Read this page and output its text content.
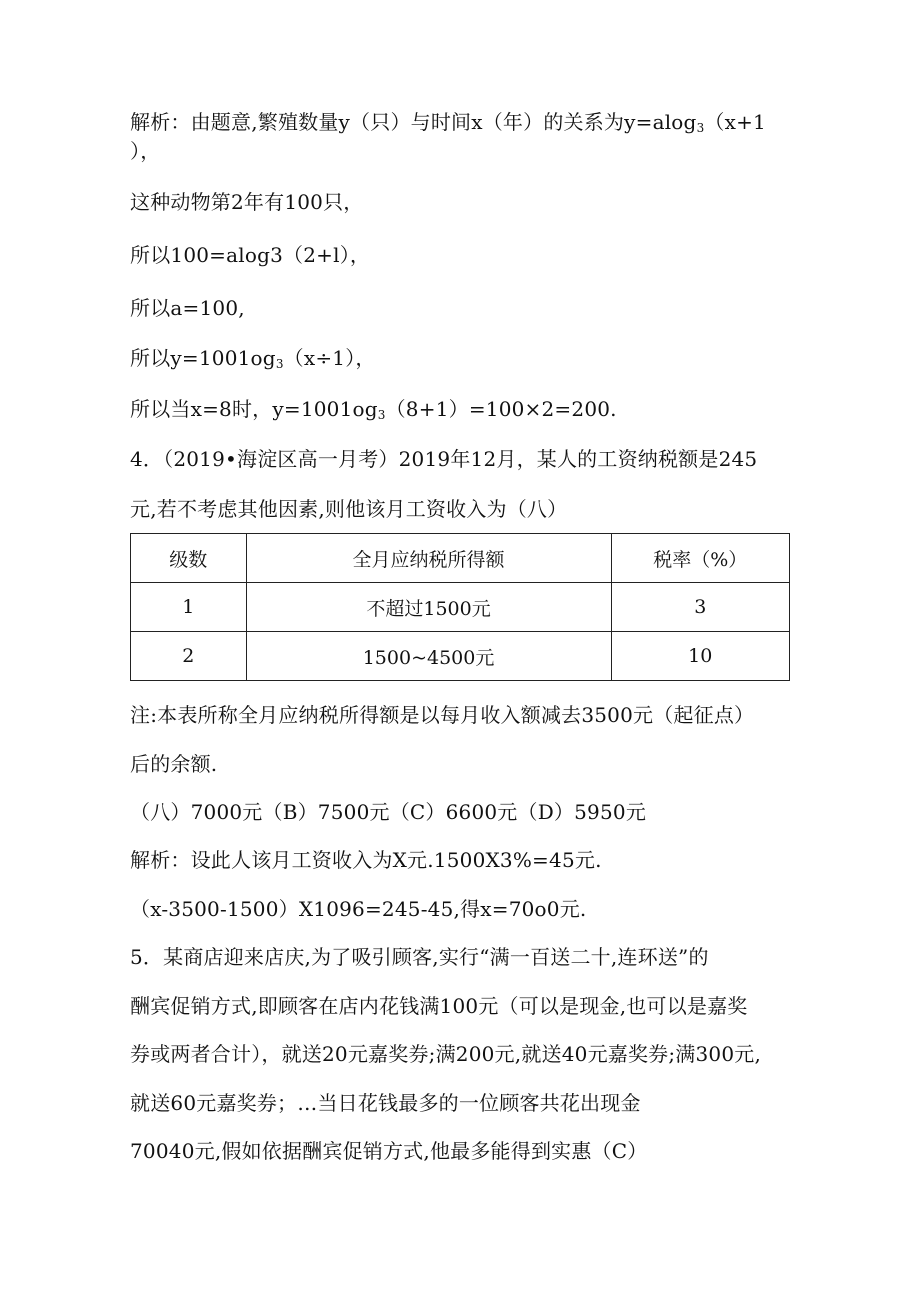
解析：由题意,繁殖数量y（只）与时间x（年）的关系为y=alog$_3$（x+1
），
这种动物第2年有100只，
所以100=alog3（2+l），
所以a=100,
所以$y=1001og_3(x\div 1)$，
所以当x=8时，$y=1001og_3(8+1)=100\times 2=200$.
4．（2019•海淀区高一月考）2019年12月，某人的工资纳税额是245
元,若不考虑其他因素,则他该月工资收入为（八）
级数	全月应纳税所得额	税率（%）
1	不超过1500元	3
2	1500~4500元	10
注:本表所称全月应纳税所得额是以每月收入额减去3500元（起征点）
后的余额.
（八）7000元（B）7500元（C）6600元（D）5950元
解析：设此人该月工资收入为X元.1500X3%=45元.
（x-3500-1500）X1096=245-45,得x=70o0元.
5．某商店迎来店庆,为了吸引顾客,实行“满一百送二十,连环送”的
酬宾促销方式,即顾客在店内花钱满100元（可以是现金,也可以是嘉奖
券或两者合计），就送20元嘉奖券;满200元,就送40元嘉奖券;满300元,
就送60元嘉奖券；…当日花钱最多的一位顾客共花出现金
70040元,假如依据酬宾促销方式,他最多能得到实惠（C）
